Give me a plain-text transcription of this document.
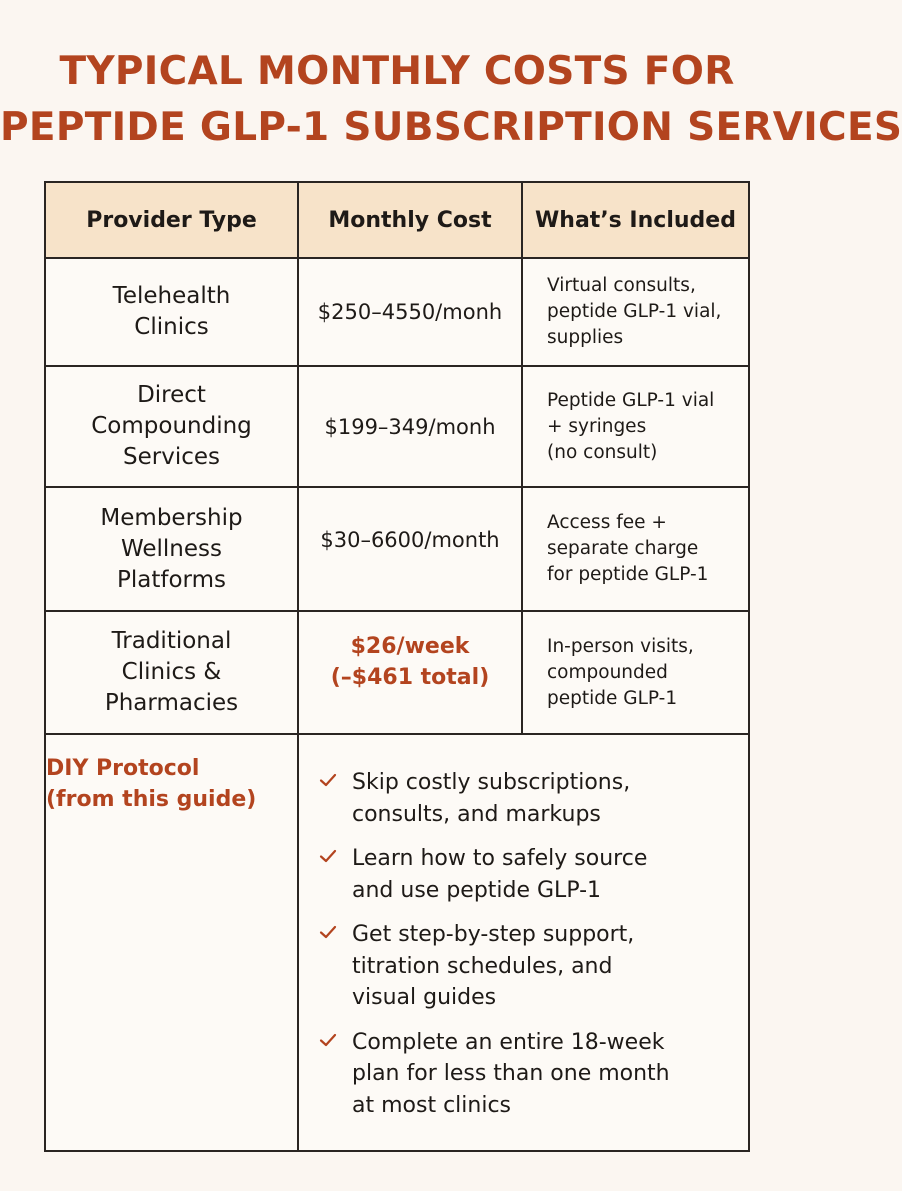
TYPICAL MONTHLY COSTS FOR
PEPTIDE GLP-1 SUBSCRIPTION SERVICES
Provider Type	Monthly Cost	What’s Included
Telehealth
Clinics
$250–4550/monh
Virtual consults,
peptide GLP-1 vial,
supplies
Direct
Compounding
Services
$199–349/monh
Peptide GLP-1 vial
+ syringes
(no consult)
Membership
Wellness
Platforms
$30–6600/month
Access fee +
separate charge
for peptide GLP-1
Traditional
Clinics &
Pharmacies
$26/week
(–$461 total)
In-person visits,
compounded
peptide GLP-1
DIY Protocol
(from this guide)
Skip costly subscriptions,
consults, and markups
Learn how to safely source
and use peptide GLP-1
Get step-by-step support,
titration schedules, and
visual guides
Complete an entire 18-week
plan for less than one month
at most clinics
